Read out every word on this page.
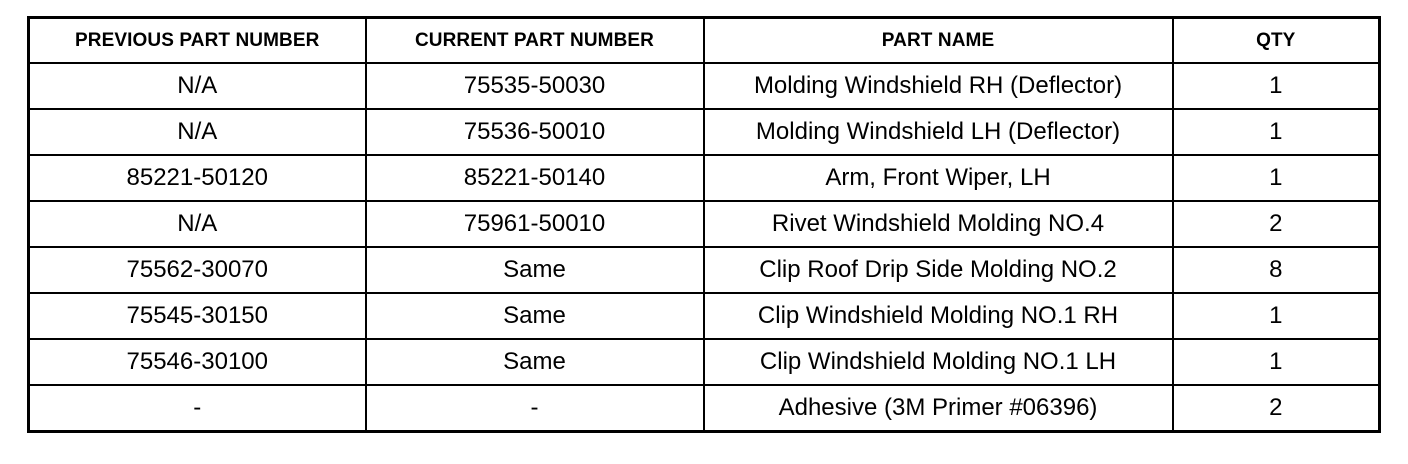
PREVIOUS PART NUMBER	CURRENT PART NUMBER	PART NAME	QTY
N/A	75535-50030	Molding Windshield RH (Deflector)	1
N/A	75536-50010	Molding Windshield LH (Deflector)	1
85221-50120	85221-50140	Arm, Front Wiper, LH	1
N/A	75961-50010	Rivet Windshield Molding NO.4	2
75562-30070	Same	Clip Roof Drip Side Molding NO.2	8
75545-30150	Same	Clip Windshield Molding NO.1 RH	1
75546-30100	Same	Clip Windshield Molding NO.1 LH	1
-	-	Adhesive (3M Primer #06396)	2
